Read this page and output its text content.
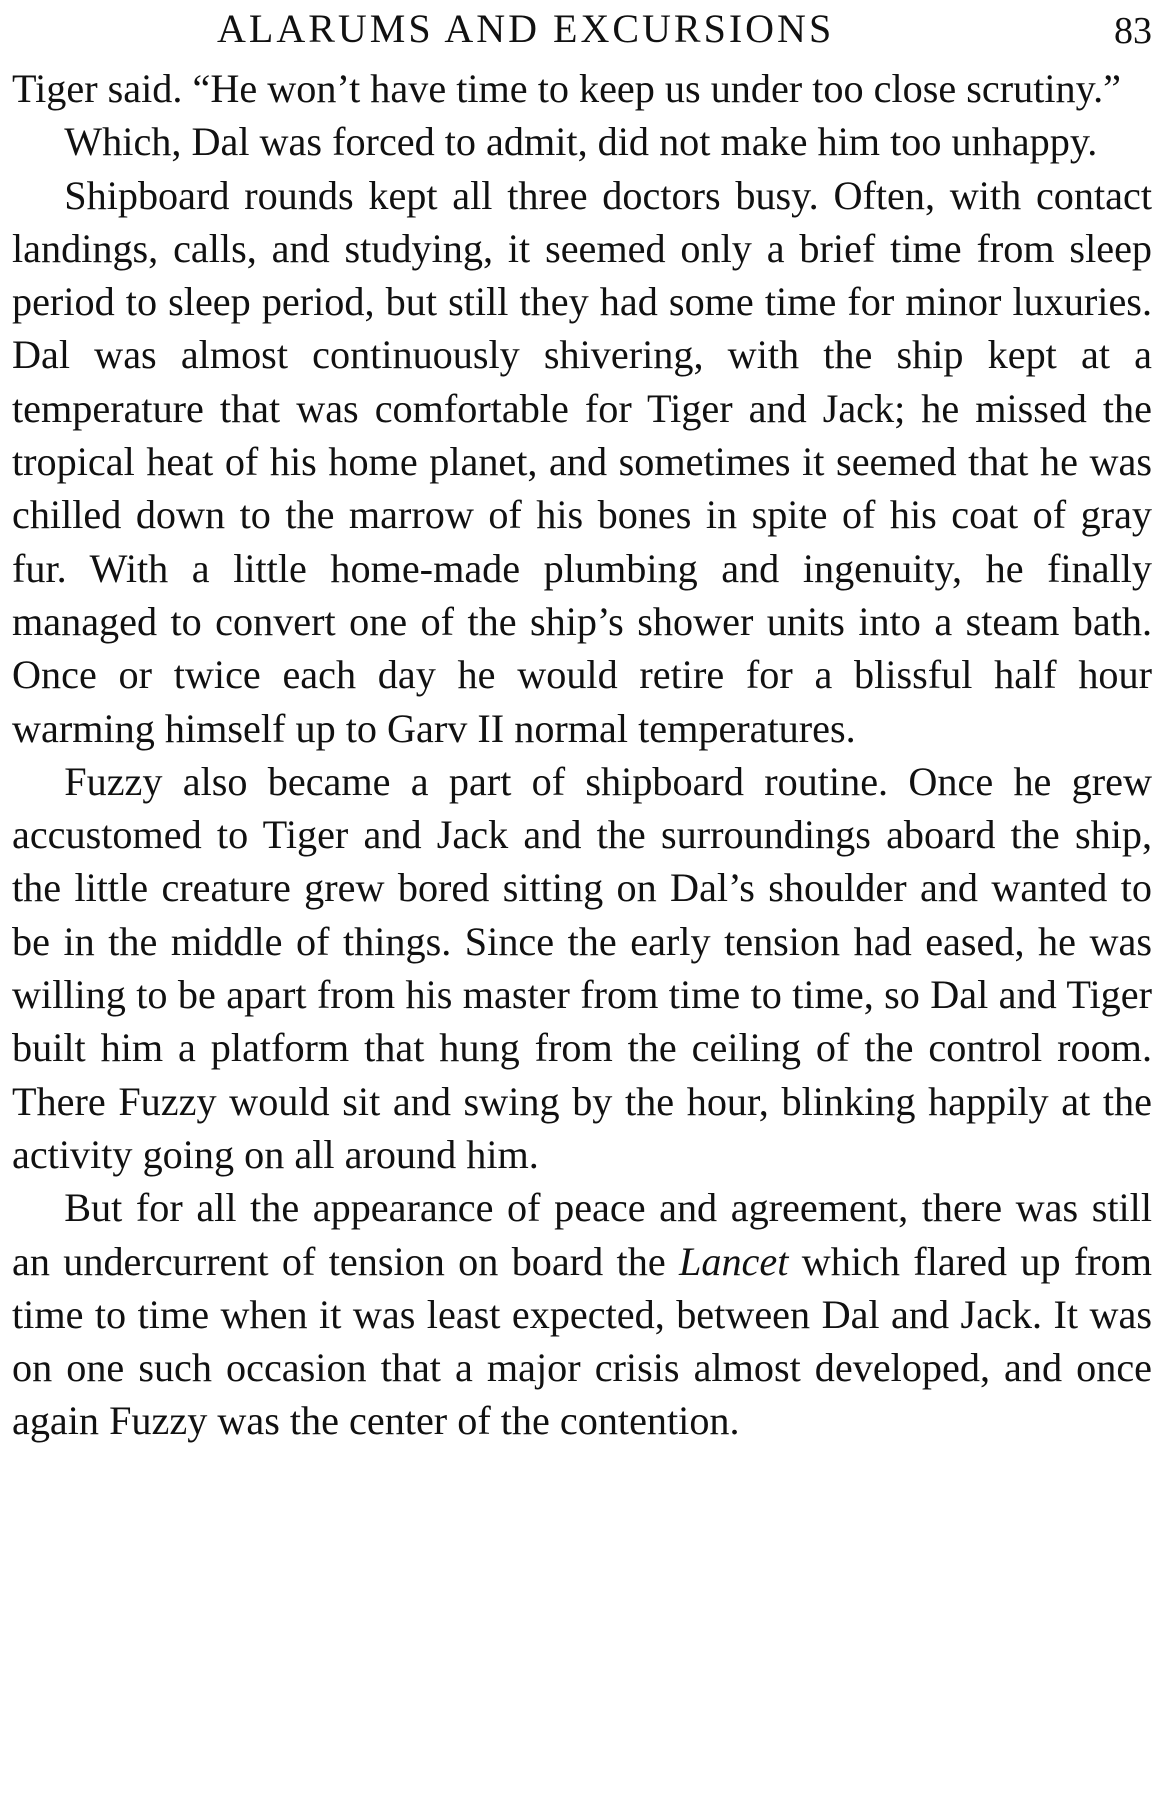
ALARUMS AND EXCURSIONS	83

Tiger said. “He won’t have time to keep us under too close scrutiny.”

Which, Dal was forced to admit, did not make him too unhappy.

Shipboard rounds kept all three doctors busy. Often, with contact landings, calls, and studying, it seemed only a brief time from sleep period to sleep period, but still they had some time for minor luxuries. Dal was almost continuously shivering, with the ship kept at a temperature that was comfortable for Tiger and Jack; he missed the tropical heat of his home planet, and sometimes it seemed that he was chilled down to the marrow of his bones in spite of his coat of gray fur. With a little home-made plumbing and ingenuity, he finally managed to convert one of the ship’s shower units into a steam bath. Once or twice each day he would retire for a blissful half hour warming himself up to Garv II normal temperatures.

Fuzzy also became a part of shipboard routine. Once he grew accustomed to Tiger and Jack and the surroundings aboard the ship, the little creature grew bored sitting on Dal’s shoulder and wanted to be in the middle of things. Since the early tension had eased, he was willing to be apart from his master from time to time, so Dal and Tiger built him a platform that hung from the ceiling of the control room. There Fuzzy would sit and swing by the hour, blinking happily at the activity going on all around him.

But for all the appearance of peace and agreement, there was still an undercurrent of tension on board the Lancet which flared up from time to time when it was least expected, between Dal and Jack. It was on one such occasion that a major crisis almost developed, and once again Fuzzy was the center of the contention.
